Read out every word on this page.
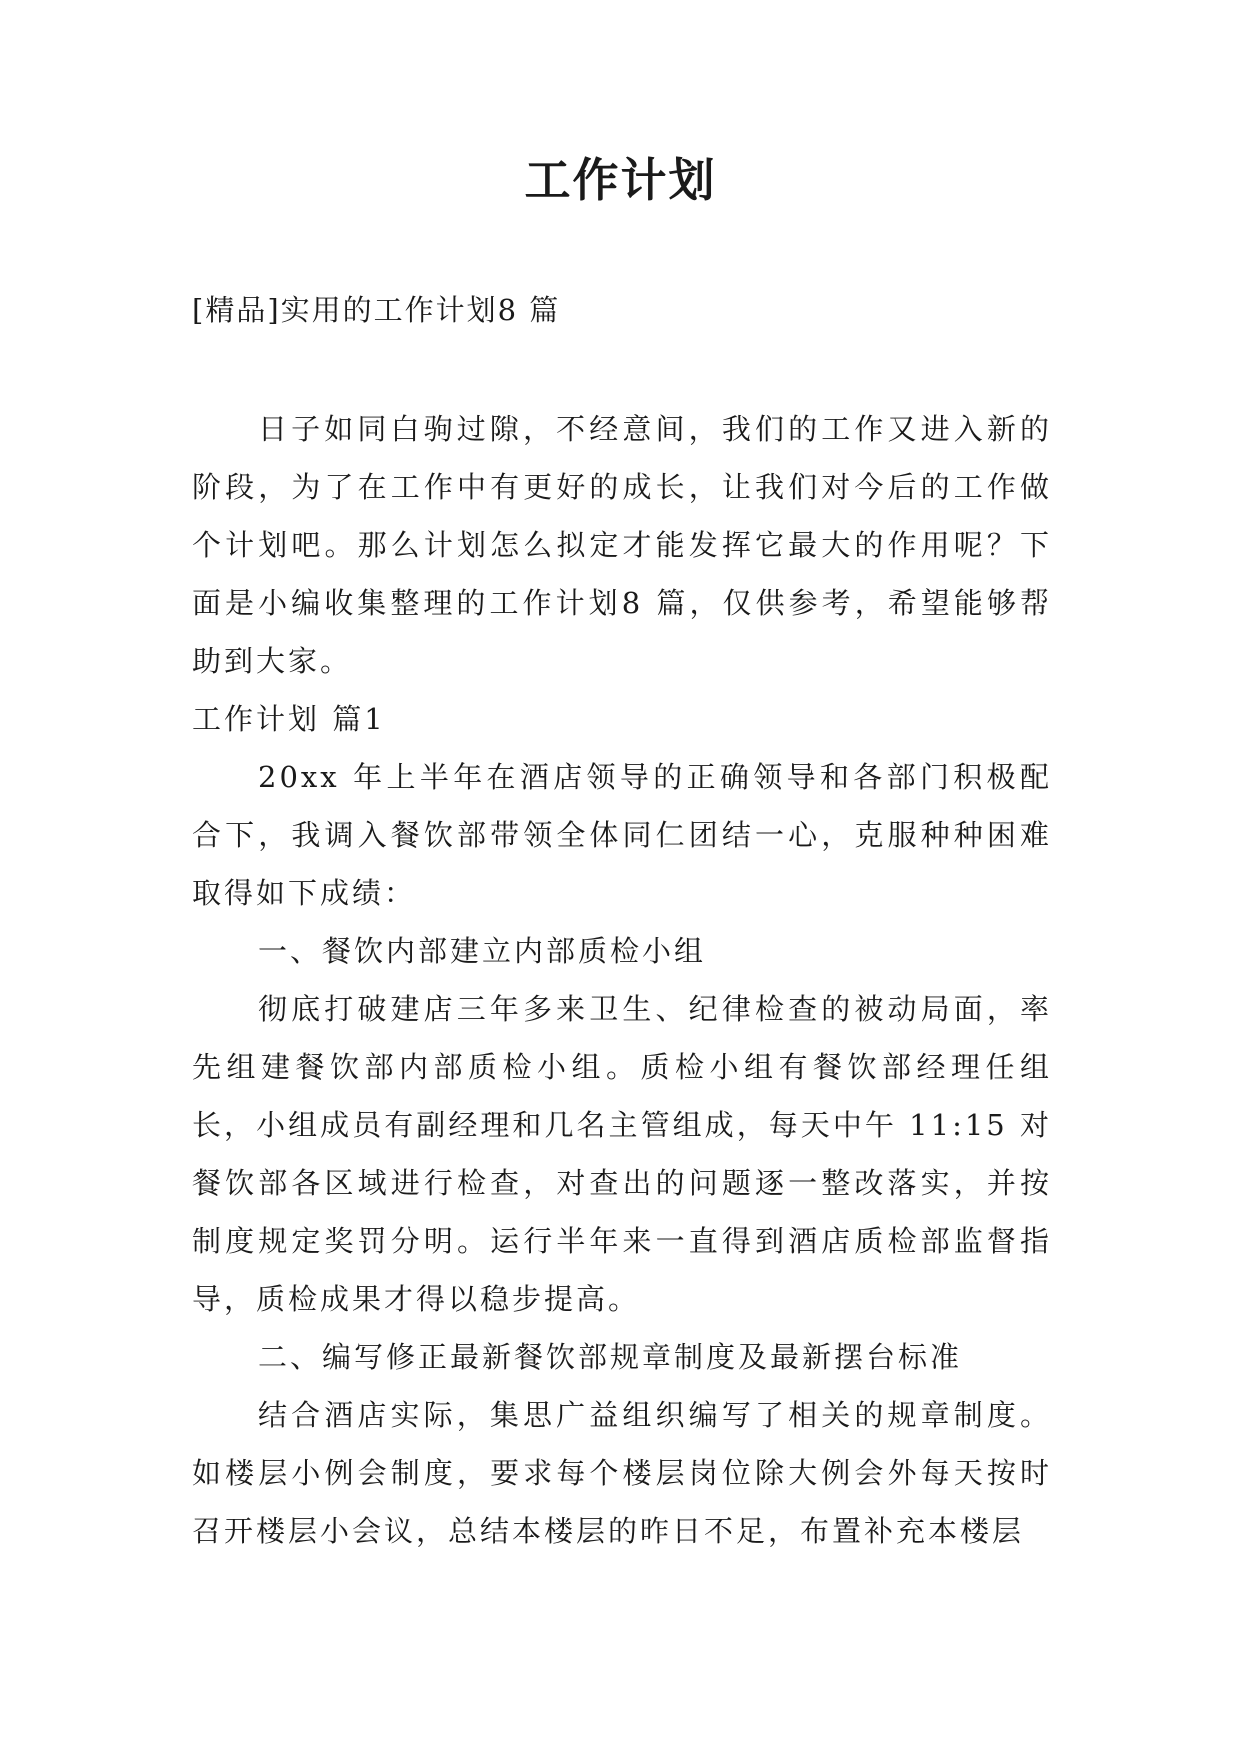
工作计划
[精品]实用的工作计划8 篇

日子如同白驹过隙，不经意间，我们的工作又进入新的阶段，为了在工作中有更好的成长，让我们对今后的工作做个计划吧。那么计划怎么拟定才能发挥它最大的作用呢？下面是小编收集整理的工作计划8 篇，仅供参考，希望能够帮助到大家。

工作计划 篇1

20xx 年上半年在酒店领导的正确领导和各部门积极配合下，我调入餐饮部带领全体同仁团结一心，克服种种困难取得如下成绩：

一、餐饮内部建立内部质检小组

彻底打破建店三年多来卫生、纪律检查的被动局面，率先组建餐饮部内部质检小组。质检小组有餐饮部经理任组长，小组成员有副经理和几名主管组成，每天中午 11:15 对餐饮部各区域进行检查，对查出的问题逐一整改落实，并按制度规定奖罚分明。运行半年来一直得到酒店质检部监督指导，质检成果才得以稳步提高。

二、编写修正最新餐饮部规章制度及最新摆台标准

结合酒店实际，集思广益组织编写了相关的规章制度。如楼层小例会制度，要求每个楼层岗位除大例会外每天按时召开楼层小会议，总结本楼层的昨日不足，布置补充本楼层
